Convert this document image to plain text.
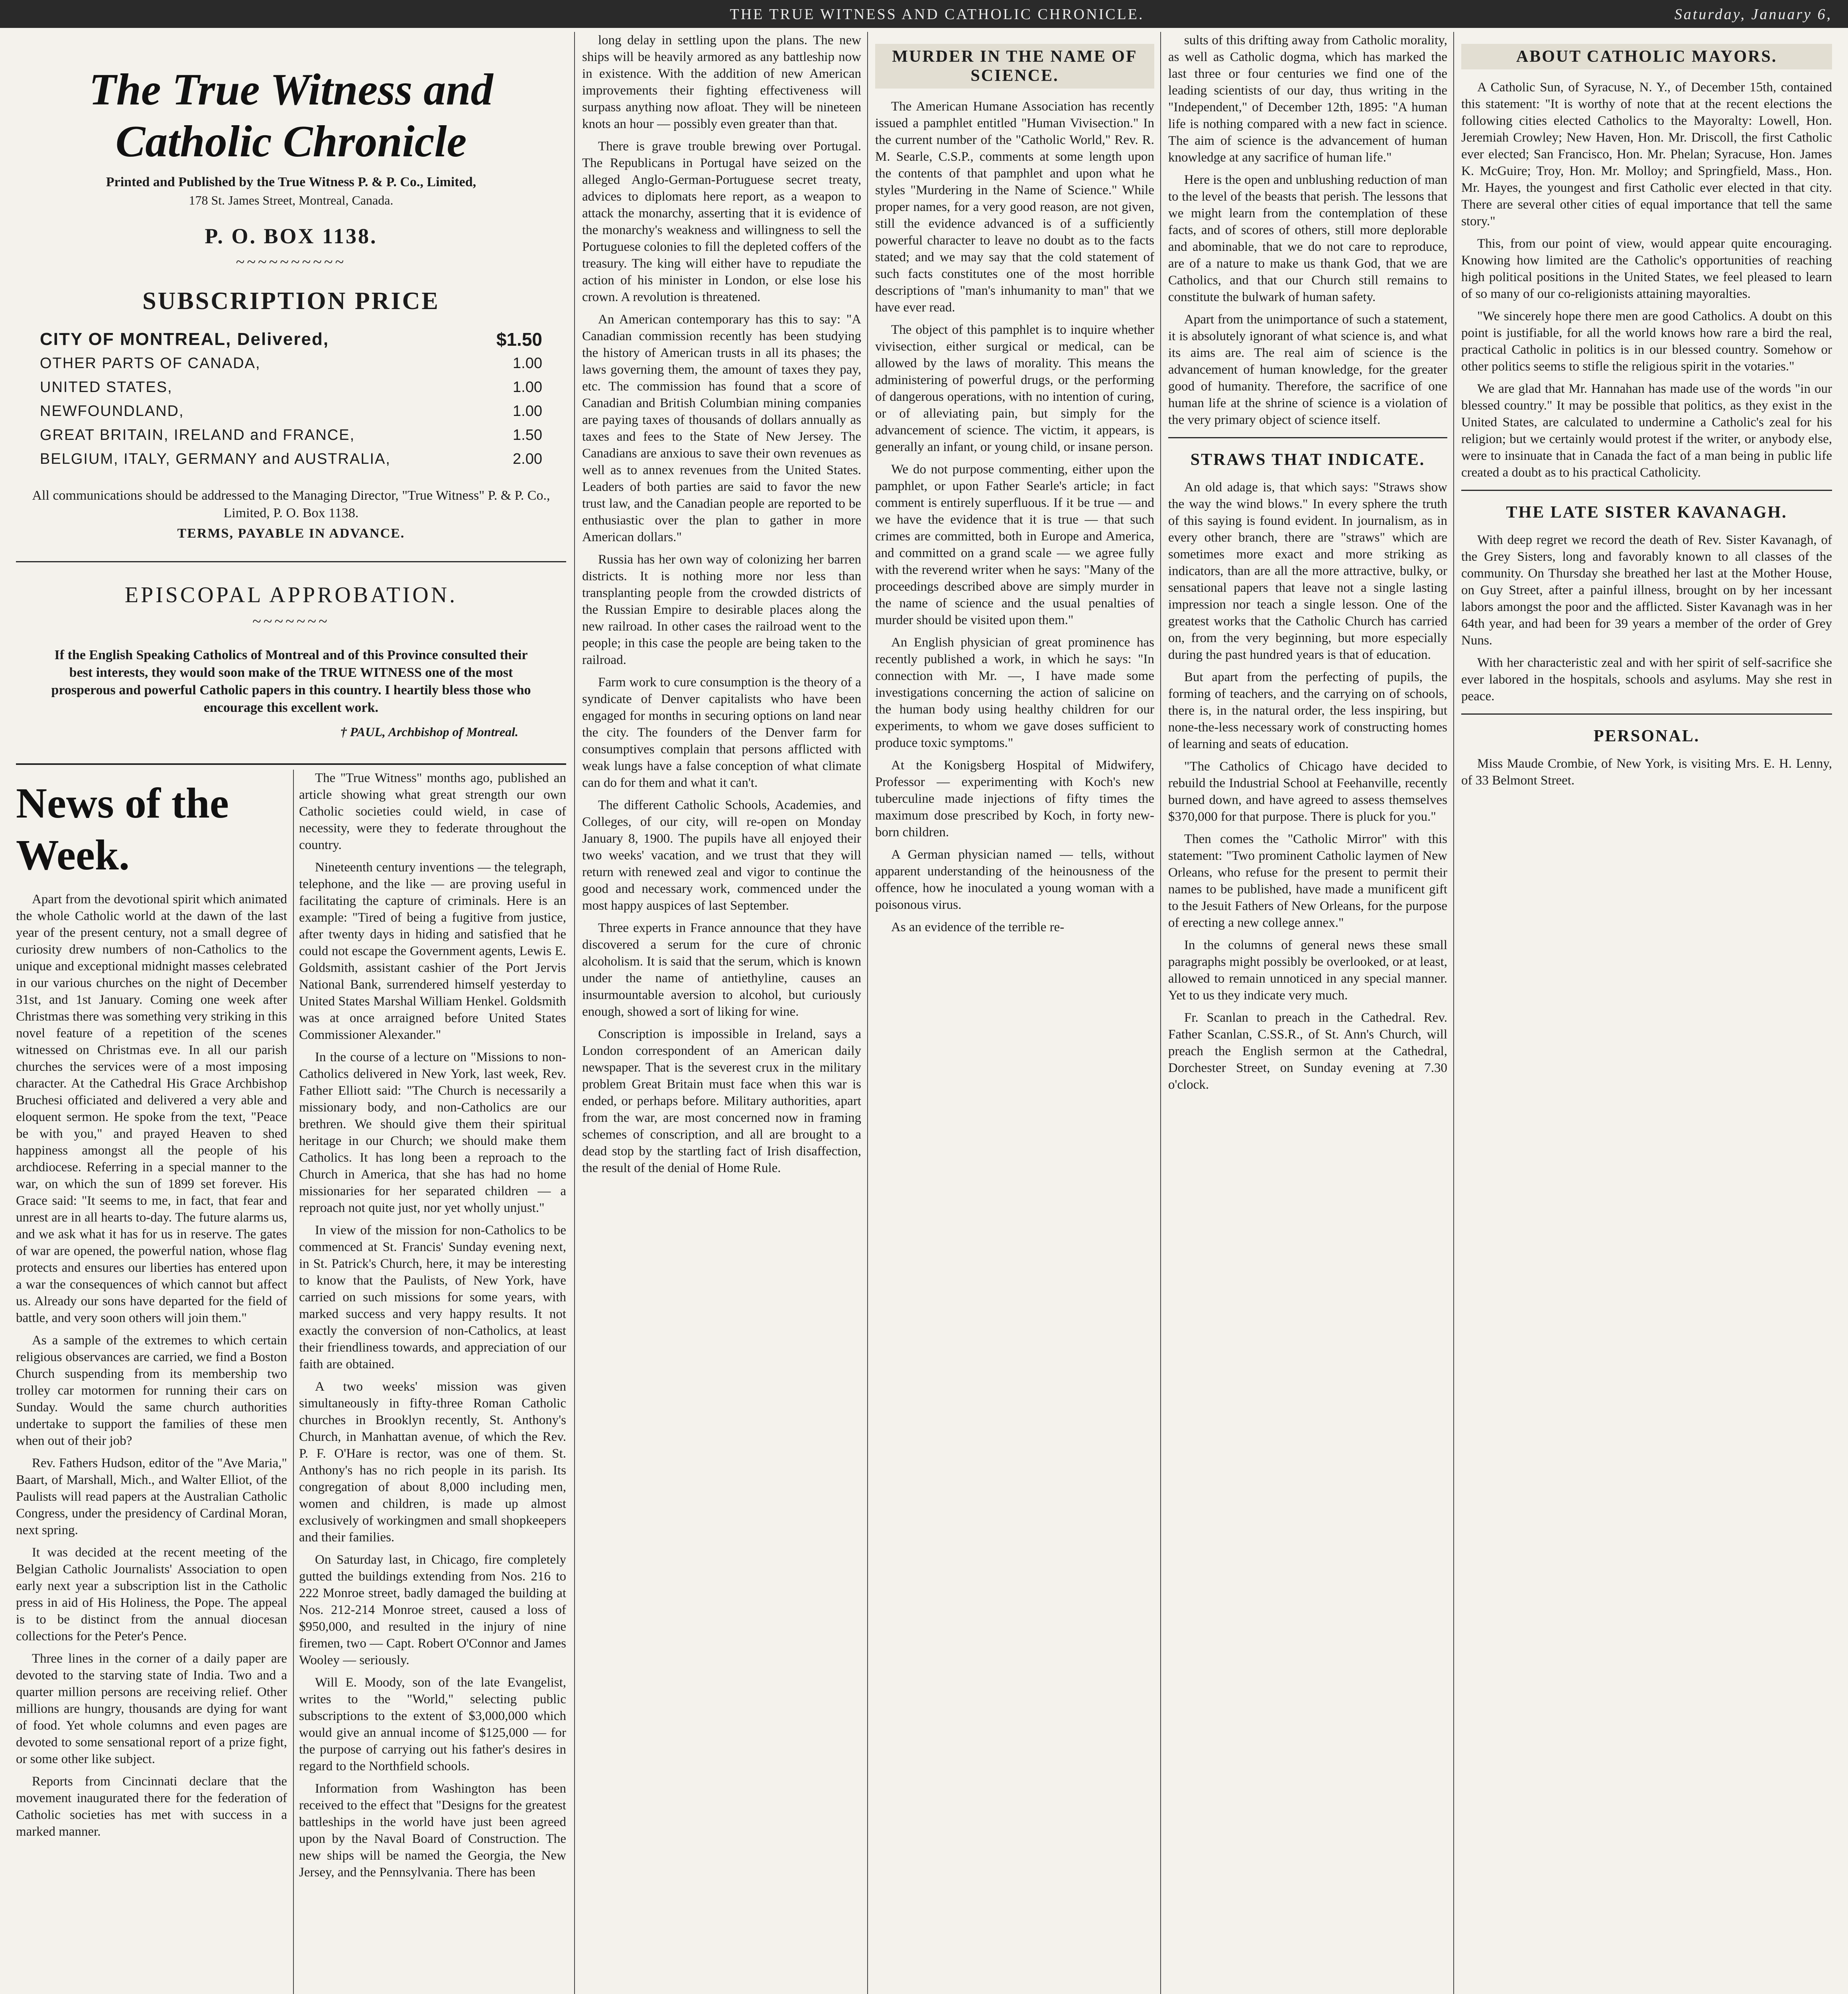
THE TRUE WITNESS AND CATHOLIC CHRONICLE.	Saturday, January 6,
The True Witness and Catholic Chronicle
Printed and Published by the True Witness P. & P. Co., Limited,
178 St. James Street, Montreal, Canada.
P. O. BOX 1138.
~~~~~~~~~~
SUBSCRIPTION PRICE
CITY OF MONTREAL, Delivered,	$1.50
OTHER PARTS OF CANADA,	1.00
UNITED STATES,	1.00
NEWFOUNDLAND,	1.00
GREAT BRITAIN, IRELAND and FRANCE,	1.50
BELGIUM, ITALY, GERMANY and AUSTRALIA,	2.00
All communications should be addressed to the Managing Director, "True Witness" P. & P. Co., Limited, P. O. Box 1138.
TERMS, PAYABLE IN ADVANCE.
EPISCOPAL APPROBATION.
~~~~~~~
If the English Speaking Catholics of Montreal and of this Province consulted their best interests, they would soon make of the TRUE WITNESS one of the most prosperous and powerful Catholic papers in this country. I heartily bless those who encourage this excellent work.
† PAUL, Archbishop of Montreal.
News of the Week.

Apart from the devotional spirit which animated the whole Catholic world at the dawn of the last year of the present century, not a small degree of curiosity drew numbers of non-Catholics to the unique and exceptional midnight masses celebrated in our various churches on the night of December 31st, and 1st January. Coming one week after Christmas there was something very striking in this novel feature of a repetition of the scenes witnessed on Christmas eve. In all our parish churches the services were of a most imposing character. At the Cathedral His Grace Archbishop Bruchesi officiated and delivered a very able and eloquent sermon. He spoke from the text, "Peace be with you," and prayed Heaven to shed happiness amongst all the people of his archdiocese. Referring in a special manner to the war, on which the sun of 1899 set forever. His Grace said: "It seems to me, in fact, that fear and unrest are in all hearts to-day. The future alarms us, and we ask what it has for us in reserve. The gates of war are opened, the powerful nation, whose flag protects and ensures our liberties has entered upon a war the consequences of which cannot but affect us. Already our sons have departed for the field of battle, and very soon others will join them."

As a sample of the extremes to which certain religious observances are carried, we find a Boston Church suspending from its membership two trolley car motormen for running their cars on Sunday. Would the same church authorities undertake to support the families of these men when out of their job?

Rev. Fathers Hudson, editor of the "Ave Maria," Baart, of Marshall, Mich., and Walter Elliot, of the Paulists will read papers at the Australian Catholic Congress, under the presidency of Cardinal Moran, next spring.

It was decided at the recent meeting of the Belgian Catholic Journalists' Association to open early next year a subscription list in the Catholic press in aid of His Holiness, the Pope. The appeal is to be distinct from the annual diocesan collections for the Peter's Pence.

Three lines in the corner of a daily paper are devoted to the starving state of India. Two and a quarter million persons are receiving relief. Other millions are hungry, thousands are dying for want of food. Yet whole columns and even pages are devoted to some sensational report of a prize fight, or some other like subject.

Reports from Cincinnati declare that the movement inaugurated there for the federation of Catholic societies has met with success in a marked manner.

The "True Witness" months ago, published an article showing what great strength our own Catholic societies could wield, in case of necessity, were they to federate throughout the country.

Nineteenth century inventions — the telegraph, telephone, and the like — are proving useful in facilitating the capture of criminals. Here is an example: "Tired of being a fugitive from justice, after twenty days in hiding and satisfied that he could not escape the Government agents, Lewis E. Goldsmith, assistant cashier of the Port Jervis National Bank, surrendered himself yesterday to United States Marshal William Henkel. Goldsmith was at once arraigned before United States Commissioner Alexander."

In the course of a lecture on "Missions to non-Catholics delivered in New York, last week, Rev. Father Elliott said: "The Church is necessarily a missionary body, and non-Catholics are our brethren. We should give them their spiritual heritage in our Church; we should make them Catholics. It has long been a reproach to the Church in America, that she has had no home missionaries for her separated children — a reproach not quite just, nor yet wholly unjust."

In view of the mission for non-Catholics to be commenced at St. Francis' Sunday evening next, in St. Patrick's Church, here, it may be interesting to know that the Paulists, of New York, have carried on such missions for some years, with marked success and very happy results. It not exactly the conversion of non-Catholics, at least their friendliness towards, and appreciation of our faith are obtained.

A two weeks' mission was given simultaneously in fifty-three Roman Catholic churches in Brooklyn recently, St. Anthony's Church, in Manhattan avenue, of which the Rev. P. F. O'Hare is rector, was one of them. St. Anthony's has no rich people in its parish. Its congregation of about 8,000 including men, women and children, is made up almost exclusively of workingmen and small shopkeepers and their families.

On Saturday last, in Chicago, fire completely gutted the buildings extending from Nos. 216 to 222 Monroe street, badly damaged the building at Nos. 212-214 Monroe street, caused a loss of $950,000, and resulted in the injury of nine firemen, two — Capt. Robert O'Connor and James Wooley — seriously.

Will E. Moody, son of the late Evangelist, writes to the "World," selecting public subscriptions to the extent of $3,000,000 which would give an annual income of $125,000 — for the purpose of carrying out his father's desires in regard to the Northfield schools.

Information from Washington has been received to the effect that "Designs for the greatest battleships in the world have just been agreed upon by the Naval Board of Construction. The new ships will be named the Georgia, the New Jersey, and the Pennsylvania. There has been

long delay in settling upon the plans. The new ships will be heavily armored as any battleship now in existence. With the addition of new American improvements their fighting effectiveness will surpass anything now afloat. They will be nineteen knots an hour — possibly even greater than that.

There is grave trouble brewing over Portugal. The Republicans in Portugal have seized on the alleged Anglo-German-Portuguese secret treaty, advices to diplomats here report, as a weapon to attack the monarchy, asserting that it is evidence of the monarchy's weakness and willingness to sell the Portuguese colonies to fill the depleted coffers of the treasury. The king will either have to repudiate the action of his minister in London, or else lose his crown. A revolution is threatened.

An American contemporary has this to say: "A Canadian commission recently has been studying the history of American trusts in all its phases; the laws governing them, the amount of taxes they pay, etc. The commission has found that a score of Canadian and British Columbian mining companies are paying taxes of thousands of dollars annually as taxes and fees to the State of New Jersey. The Canadians are anxious to save their own revenues as well as to annex revenues from the United States. Leaders of both parties are said to favor the new trust law, and the Canadian people are reported to be enthusiastic over the plan to gather in more American dollars."

Russia has her own way of colonizing her barren districts. It is nothing more nor less than transplanting people from the crowded districts of the Russian Empire to desirable places along the new railroad. In other cases the railroad went to the people; in this case the people are being taken to the railroad.

Farm work to cure consumption is the theory of a syndicate of Denver capitalists who have been engaged for months in securing options on land near the city. The founders of the Denver farm for consumptives complain that persons afflicted with weak lungs have a false conception of what climate can do for them and what it can't.

The different Catholic Schools, Academies, and Colleges, of our city, will re-open on Monday January 8, 1900. The pupils have all enjoyed their two weeks' vacation, and we trust that they will return with renewed zeal and vigor to continue the good and necessary work, commenced under the most happy auspices of last September.

Three experts in France announce that they have discovered a serum for the cure of chronic alcoholism. It is said that the serum, which is known under the name of antiethyline, causes an insurmountable aversion to alcohol, but curiously enough, showed a sort of liking for wine.

Conscription is impossible in Ireland, says a London correspondent of an American daily newspaper. That is the severest crux in the military problem Great Britain must face when this war is ended, or perhaps before. Military authorities, apart from the war, are most concerned now in framing schemes of conscription, and all are brought to a dead stop by the startling fact of Irish disaffection, the result of the denial of Home Rule.

MURDER IN THE NAME OF SCIENCE.

The American Humane Association has recently issued a pamphlet entitled "Human Vivisection." In the current number of the "Catholic World," Rev. R. M. Searle, C.S.P., comments at some length upon the contents of that pamphlet and upon what he styles "Murdering in the Name of Science." While proper names, for a very good reason, are not given, still the evidence advanced is of a sufficiently powerful character to leave no doubt as to the facts stated; and we may say that the cold statement of such facts constitutes one of the most horrible descriptions of "man's inhumanity to man" that we have ever read.

The object of this pamphlet is to inquire whether vivisection, either surgical or medical, can be allowed by the laws of morality. This means the administering of powerful drugs, or the performing of dangerous operations, with no intention of curing, or of alleviating pain, but simply for the advancement of science. The victim, it appears, is generally an infant, or young child, or insane person.

We do not purpose commenting, either upon the pamphlet, or upon Father Searle's article; in fact comment is entirely superfluous. If it be true — and we have the evidence that it is true — that such crimes are committed, both in Europe and America, and committed on a grand scale — we agree fully with the reverend writer when he says: "Many of the proceedings described above are simply murder in the name of science and the usual penalties of murder should be visited upon them."

An English physician of great prominence has recently published a work, in which he says: "In connection with Mr. —, I have made some investigations concerning the action of salicine on the human body using healthy children for our experiments, to whom we gave doses sufficient to produce toxic symptoms."

At the Konigsberg Hospital of Midwifery, Professor — experimenting with Koch's new tuberculine made injections of fifty times the maximum dose prescribed by Koch, in forty new-born children.

A German physician named — tells, without apparent understanding of the heinousness of the offence, how he inoculated a young woman with a poisonous virus.

As an evidence of the terrible re-

sults of this drifting away from Catholic morality, as well as Catholic dogma, which has marked the last three or four centuries we find one of the leading scientists of our day, thus writing in the "Independent," of December 12th, 1895: "A human life is nothing compared with a new fact in science. The aim of science is the advancement of human knowledge at any sacrifice of human life."

Here is the open and unblushing reduction of man to the level of the beasts that perish. The lessons that we might learn from the contemplation of these facts, and of scores of others, still more deplorable and abominable, that we do not care to reproduce, are of a nature to make us thank God, that we are Catholics, and that our Church still remains to constitute the bulwark of human safety.

Apart from the unimportance of such a statement, it is absolutely ignorant of what science is, and what its aims are. The real aim of science is the advancement of human knowledge, for the greater good of humanity. Therefore, the sacrifice of one human life at the shrine of science is a violation of the very primary object of science itself.

STRAWS THAT INDICATE.

An old adage is, that which says: "Straws show the way the wind blows." In every sphere the truth of this saying is found evident. In journalism, as in every other branch, there are "straws" which are sometimes more exact and more striking as indicators, than are all the more attractive, bulky, or sensational papers that leave not a single lasting impression nor teach a single lesson. One of the greatest works that the Catholic Church has carried on, from the very beginning, but more especially during the past hundred years is that of education.

But apart from the perfecting of pupils, the forming of teachers, and the carrying on of schools, there is, in the natural order, the less inspiring, but none-the-less necessary work of constructing homes of learning and seats of education.

"The Catholics of Chicago have decided to rebuild the Industrial School at Feehanville, recently burned down, and have agreed to assess themselves $370,000 for that purpose. There is pluck for you."

Then comes the "Catholic Mirror" with this statement: "Two prominent Catholic laymen of New Orleans, who refuse for the present to permit their names to be published, have made a munificent gift to the Jesuit Fathers of New Orleans, for the purpose of erecting a new college annex."

In the columns of general news these small paragraphs might possibly be overlooked, or at least, allowed to remain unnoticed in any special manner. Yet to us they indicate very much.

Fr. Scanlan to preach in the Cathedral. Rev. Father Scanlan, C.SS.R., of St. Ann's Church, will preach the English sermon at the Cathedral, Dorchester Street, on Sunday evening at 7.30 o'clock.

ABOUT CATHOLIC MAYORS.

A Catholic Sun, of Syracuse, N. Y., of December 15th, contained this statement: "It is worthy of note that at the recent elections the following cities elected Catholics to the Mayoralty: Lowell, Hon. Jeremiah Crowley; New Haven, Hon. Mr. Driscoll, the first Catholic ever elected; San Francisco, Hon. Mr. Phelan; Syracuse, Hon. James K. McGuire; Troy, Hon. Mr. Molloy; and Springfield, Mass., Hon. Mr. Hayes, the youngest and first Catholic ever elected in that city. There are several other cities of equal importance that tell the same story."

This, from our point of view, would appear quite encouraging. Knowing how limited are the Catholic's opportunities of reaching high political positions in the United States, we feel pleased to learn of so many of our co-religionists attaining mayoralties.

"We sincerely hope there men are good Catholics. A doubt on this point is justifiable, for all the world knows how rare a bird the real, practical Catholic in politics is in our blessed country. Somehow or other politics seems to stifle the religious spirit in the votaries."

We are glad that Mr. Hannahan has made use of the words "in our blessed country." It may be possible that politics, as they exist in the United States, are calculated to undermine a Catholic's zeal for his religion; but we certainly would protest if the writer, or anybody else, were to insinuate that in Canada the fact of a man being in public life created a doubt as to his practical Catholicity.

THE LATE SISTER KAVANAGH.

With deep regret we record the death of Rev. Sister Kavanagh, of the Grey Sisters, long and favorably known to all classes of the community. On Thursday she breathed her last at the Mother House, on Guy Street, after a painful illness, brought on by her incessant labors amongst the poor and the afflicted. Sister Kavanagh was in her 64th year, and had been for 39 years a member of the order of Grey Nuns.

With her characteristic zeal and with her spirit of self-sacrifice she ever labored in the hospitals, schools and asylums. May she rest in peace.

PERSONAL.

Miss Maude Crombie, of New York, is visiting Mrs. E. H. Lenny, of 33 Belmont Street.
